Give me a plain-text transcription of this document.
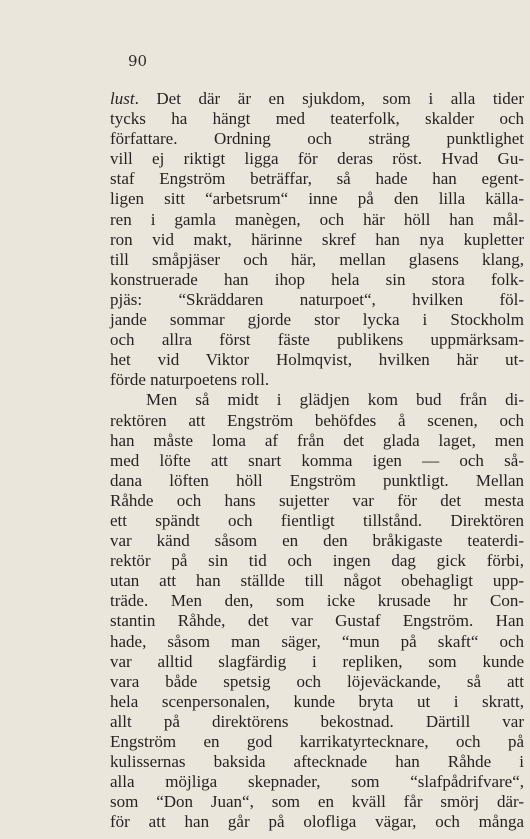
90
lust. Det där är en sjukdom, som i alla tider
tycks ha hängt med teaterfolk, skalder och
författare. Ordning och sträng punktlighet
vill ej riktigt ligga för deras röst. Hvad Gu-
staf Engström beträffar, så hade han egent-
ligen sitt “arbetsrum“ inne på den lilla källa-
ren i gamla manègen, och här höll han mål-
ron vid makt, härinne skref han nya kupletter
till småpjäser och här, mellan glasens klang,
konstruerade han ihop hela sin stora folk-
pjäs: “Skräddaren naturpoet“, hvilken föl-
jande sommar gjorde stor lycka i Stockholm
och allra först fäste publikens uppmärksam-
het vid Viktor Holmqvist, hvilken här ut-
förde naturpoetens roll.
Men så midt i glädjen kom bud från di-
rektören att Engström behöfdes å scenen, och
han måste loma af från det glada laget, men
med löfte att snart komma igen — och så-
dana löften höll Engström punktligt. Mellan
Råhde och hans sujetter var för det mesta
ett spändt och fientligt tillstånd. Direktören
var känd såsom en den bråkigaste teaterdi-
rektör på sin tid och ingen dag gick förbi,
utan att han ställde till något obehagligt upp-
träde. Men den, som icke krusade hr Con-
stantin Råhde, det var Gustaf Engström. Han
hade, såsom man säger, “mun på skaft“ och
var alltid slagfärdig i repliken, som kunde
vara både spetsig och löjeväckande, så att
hela scenpersonalen, kunde bryta ut i skratt,
allt på direktörens bekostnad. Därtill var
Engström en god karrikatyrtecknare, och på
kulissernas baksida aftecknade han Råhde i
alla möjliga skepnader, som “slafpådrifvare“,
som “Don Juan“, som en kväll får smörj där-
för att han går på olofliga vägar, och många
